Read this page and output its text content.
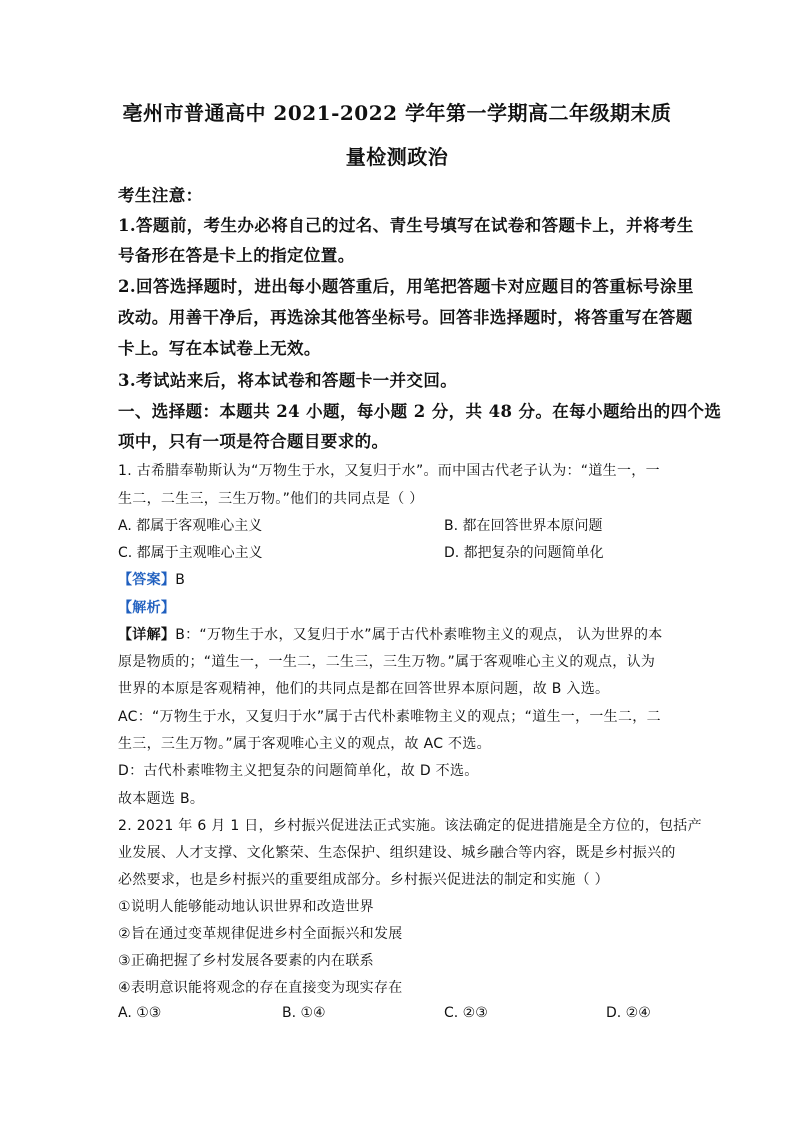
亳州市普通高中 2021-2022 学年第一学期高二年级期末质
量检测政治
考生注意：
1.答题前，考生办必将自己的过名、青生号填写在试卷和答题卡上，并将考生
号备形在答是卡上的指定位置。
2.回答选择题时，进出每小题答重后，用笔把答题卡对应题目的答重标号涂里
改动。用善干净后，再选涂其他答坐标号。回答非选择题时，将答重写在答题
卡上。写在本试卷上无效。
3.考试站来后，将本试卷和答题卡一并交回。
一、选择题：本题共 24 小题，每小题 2 分，共 48 分。在每小题给出的四个选
项中，只有一项是符合题目要求的。
1. 古希腊奉勒斯认为“万物生于水，又复归于水”。而中国古代老子认为：“道生一，一
生二，二生三，三生万物。”他们的共同点是（ ）
A. 都属于客观唯心主义	B. 都在回答世界本原问题
C. 都属于主观唯心主义	D. 都把复杂的问题简单化
【答案】B
【解析】
【详解】B：“万物生于水，又复归于水”属于古代朴素唯物主义的观点， 认为世界的本
原是物质的；“道生一，一生二，二生三，三生万物。”属于客观唯心主义的观点，认为
世界的本原是客观精神，他们的共同点是都在回答世界本原问题，故 B 入选。
AC：“万物生于水，又复归于水”属于古代朴素唯物主义的观点；“道生一，一生二，二
生三，三生万物。”属于客观唯心主义的观点，故 AC 不选。
D：古代朴素唯物主义把复杂的问题简单化，故 D 不选。
故本题选 B。
2. 2021 年 6 月 1 日，乡村振兴促进法正式实施。该法确定的促进措施是全方位的，包括产
业发展、人才支撑、文化繁荣、生态保护、组织建设、城乡融合等内容，既是乡村振兴的
必然要求，也是乡村振兴的重要组成部分。乡村振兴促进法的制定和实施（ ）
①说明人能够能动地认识世界和改造世界
②旨在通过变革规律促进乡村全面振兴和发展
③正确把握了乡村发展各要素的内在联系
④表明意识能将观念的存在直接变为现实存在
A. ①③	B. ①④	C. ②③	D. ②④
